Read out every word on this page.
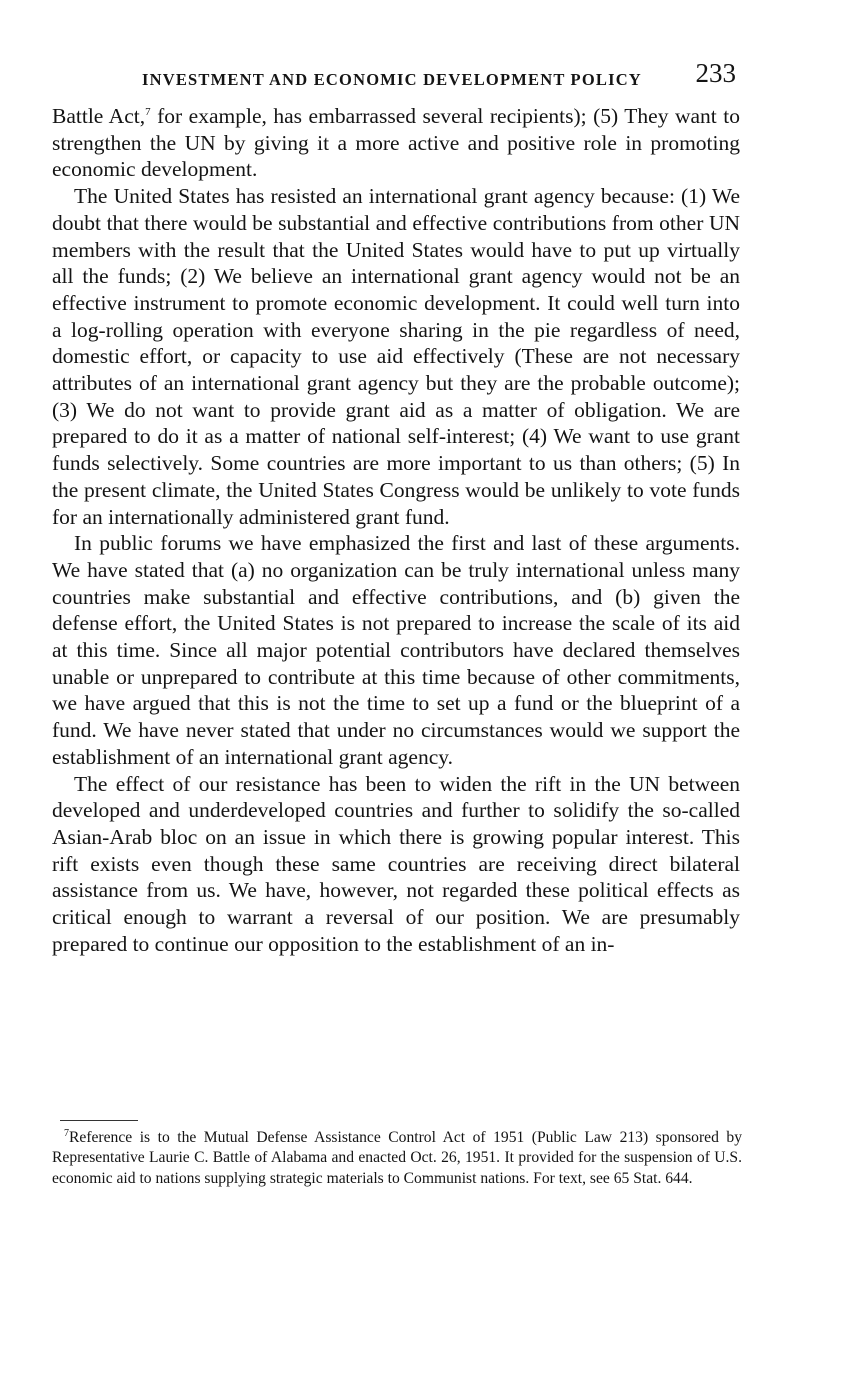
INVESTMENT AND ECONOMIC DEVELOPMENT POLICY 233

Battle Act,$^7$ for example, has embarrassed several recipients); (5) They want to strengthen the UN by giving it a more active and positive role in promoting economic development.

The United States has resisted an international grant agency because: (1) We doubt that there would be substantial and effective contributions from other UN members with the result that the United States would have to put up virtually all the funds; (2) We believe an international grant agency would not be an effective instrument to promote economic development. It could well turn into a log-rolling operation with everyone sharing in the pie regardless of need, domestic effort, or capacity to use aid effectively (These are not necessary attributes of an international grant agency but they are the probable outcome); (3) We do not want to provide grant aid as a matter of obligation. We are prepared to do it as a matter of national self-interest; (4) We want to use grant funds selectively. Some countries are more important to us than others; (5) In the present climate, the United States Congress would be unlikely to vote funds for an internationally administered grant fund.

In public forums we have emphasized the first and last of these arguments. We have stated that (a) no organization can be truly international unless many countries make substantial and effective contributions, and (b) given the defense effort, the United States is not prepared to increase the scale of its aid at this time. Since all major potential contributors have declared themselves unable or unprepared to contribute at this time because of other commitments, we have argued that this is not the time to set up a fund or the blueprint of a fund. We have never stated that under no circumstances would we support the establishment of an international grant agency.

The effect of our resistance has been to widen the rift in the UN between developed and underdeveloped countries and further to solidify the so-called Asian-Arab bloc on an issue in which there is growing popular interest. This rift exists even though these same countries are receiving direct bilateral assistance from us. We have, however, not regarded these political effects as critical enough to warrant a reversal of our position. We are presumably prepared to continue our opposition to the establishment of an in-

$^7$Reference is to the Mutual Defense Assistance Control Act of 1951 (Public Law 213) sponsored by Representative Laurie C. Battle of Alabama and enacted Oct. 26, 1951. It provided for the suspension of U.S. economic aid to nations supplying strategic materials to Communist nations. For text, see 65 Stat. 644.
